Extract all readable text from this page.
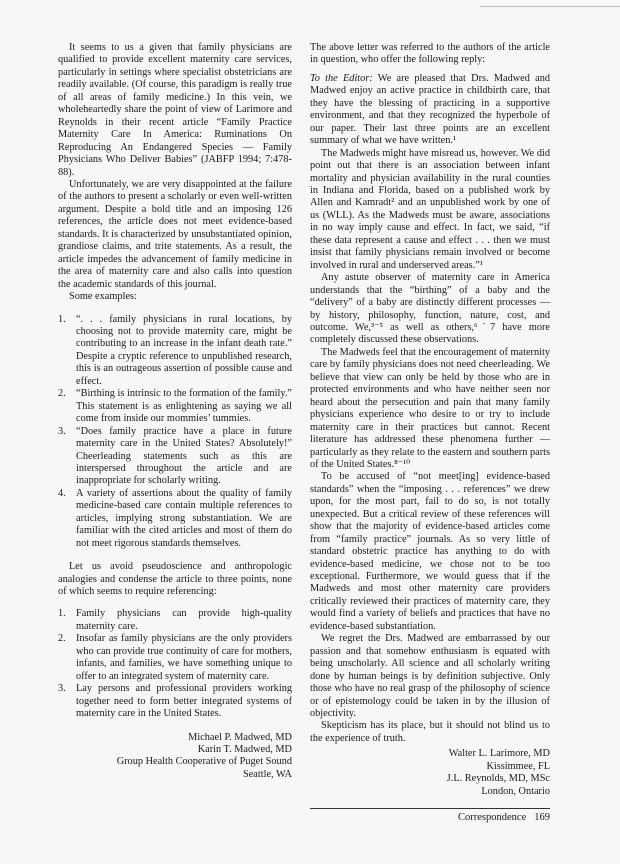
It seems to us a given that family physicians are qualified to provide excellent maternity care services, particularly in settings where specialist obstetricians are readily available. (Of course, this paradigm is really true of all areas of family medicine.) In this vein, we wholeheartedly share the point of view of Larimore and Reynolds in their recent article “Family Practice Maternity Care In America: Ruminations On Reproducing An Endangered Species — Family Physicians Who Deliver Babies” (JABFP 1994; 7:478-88).

Unfortunately, we are very disappointed at the failure of the authors to present a scholarly or even well-written argument. Despite a bold title and an imposing 126 references, the article does not meet evidence-based standards. It is characterized by unsubstantiated opinion, grandiose claims, and trite statements. As a result, the article impedes the advancement of family medicine in the area of maternity care and also calls into question the academic standards of this journal.

Some examples:

1. “. . . family physicians in rural locations, by choosing not to provide maternity care, might be contributing to an increase in the infant death rate.” Despite a cryptic reference to unpublished research, this is an outrageous assertion of possible cause and effect.
2. “Birthing is intrinsic to the formation of the family.” This statement is as enlightening as saying we all come from inside our mommies’ tummies.
3. “Does family practice have a place in future maternity care in the United States? Absolutely!” Cheerleading statements such as this are interspersed throughout the article and are inappropriate for scholarly writing.
4. A variety of assertions about the quality of family medicine-based care contain multiple references to articles, implying strong substantiation. We are familiar with the cited articles and most of them do not meet rigorous standards themselves.

Let us avoid pseudoscience and anthropologic analogies and condense the article to three points, none of which seems to require referencing:

1. Family physicians can provide high-quality maternity care.
2. Insofar as family physicians are the only providers who can provide true continuity of care for mothers, infants, and families, we have something unique to offer to an integrated system of maternity care.
3. Lay persons and professional providers working together need to form better integrated systems of maternity care in the United States.
Michael P. Madwed, MD
Karin T. Madwed, MD
Group Health Cooperative of Puget Sound
Seattle, WA

The above letter was referred to the authors of the article in question, who offer the following reply:

To the Editor: We are pleased that Drs. Madwed and Madwed enjoy an active practice in childbirth care, that they have the blessing of practicing in a supportive environment, and that they recognized the hyperbole of our paper. Their last three points are an excellent summary of what we have written.¹

The Madweds might have misread us, however. We did point out that there is an association between infant mortality and physician availability in the rural counties in Indiana and Florida, based on a published work by Allen and Kamradt² and an unpublished work by one of us (WLL). As the Madweds must be aware, associations in no way imply cause and effect. In fact, we said, “if these data represent a cause and effect . . . then we must insist that family physicians remain involved or become involved in rural and underserved areas.”¹

Any astute observer of maternity care in America understands that the “birthing” of a baby and the “delivery” of a baby are distinctly different processes — by history, philosophy, function, nature, cost, and outcome. We,³⁻⁵ as well as others,⁶˙7 have more completely discussed these observations.

The Madweds feel that the encouragement of maternity care by family physicians does not need cheerleading. We believe that view can only be held by those who are in protected environments and who have neither seen nor heard about the persecution and pain that many family physicians experience who desire to or try to include maternity care in their practices but cannot. Recent literature has addressed these phenomena further — particularly as they relate to the eastern and southern parts of the United States.⁸⁻¹⁰

To be accused of “not meet[ing] evidence-based standards” when the “imposing . . . references” we drew upon, for the most part, fail to do so, is not totally unexpected. But a critical review of these references will show that the majority of evidence-based articles come from “family practice” journals. As so very little of standard obstetric practice has anything to do with evidence-based medicine, we chose not to be too exceptional. Furthermore, we would guess that if the Madweds and most other maternity care providers critically reviewed their practices of maternity care, they would find a variety of beliefs and practices that have no evidence-based substantiation.

We regret the Drs. Madwed are embarrassed by our passion and that somehow enthusiasm is equated with being unscholarly. All science and all scholarly writing done by human beings is by definition subjective. Only those who have no real grasp of the philosophy of science or of epistemology could be taken in by the illusion of objectivity.

Skepticism has its place, but it should not blind us to the experience of truth.

Walter L. Larimore, MD
Kissimmee, FL
J.L. Reynolds, MD, MSc
London, Ontario
Correspondence 169
